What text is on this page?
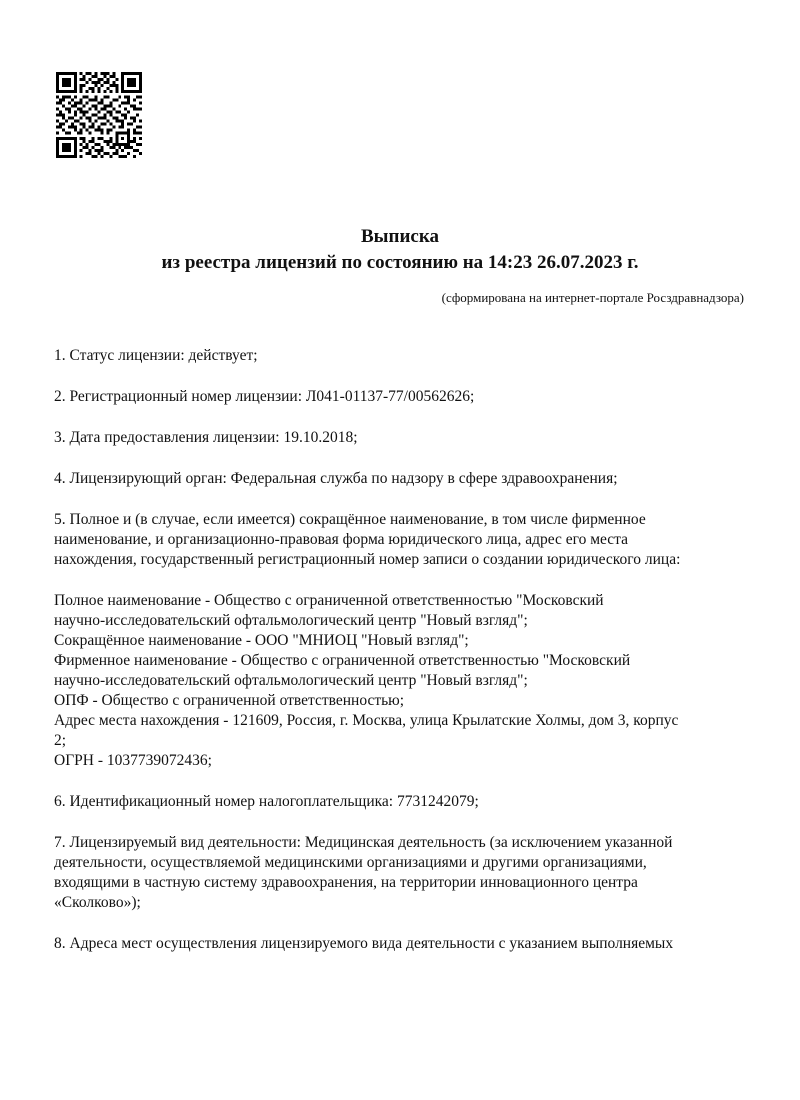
Выписка
из реестра лицензий по состоянию на 14:23 26.07.2023 г.
(сформирована на интернет-портале Росздравнадзора)

1. Статус лицензии: действует;

2. Регистрационный номер лицензии: Л041-01137-77/00562626;

3. Дата предоставления лицензии: 19.10.2018;

4. Лицензирующий орган: Федеральная служба по надзору в сфере здравоохранения;

5. Полное и (в случае, если имеется) сокращённое наименование, в том числе фирменное

наименование, и организационно-правовая форма юридического лица, адрес его места

нахождения, государственный регистрационный номер записи о создании юридического лица:

Полное наименование - Общество с ограниченной ответственностью "Московский

научно-исследовательский офтальмологический центр "Новый взгляд";

Сокращённое наименование - ООО "МНИОЦ "Новый взгляд";

Фирменное наименование - Общество с ограниченной ответственностью "Московский

научно-исследовательский офтальмологический центр "Новый взгляд";

ОПФ - Общество с ограниченной ответственностью;

Адрес места нахождения - 121609, Россия, г. Москва, улица Крылатские Холмы, дом 3, корпус

2;

ОГРН - 1037739072436;

6. Идентификационный номер налогоплательщика: 7731242079;

7. Лицензируемый вид деятельности: Медицинская деятельность (за исключением указанной

деятельности, осуществляемой медицинскими организациями и другими организациями,

входящими в частную систему здравоохранения, на территории инновационного центра

«Сколково»);

8. Адреса мест осуществления лицензируемого вида деятельности с указанием выполняемых
